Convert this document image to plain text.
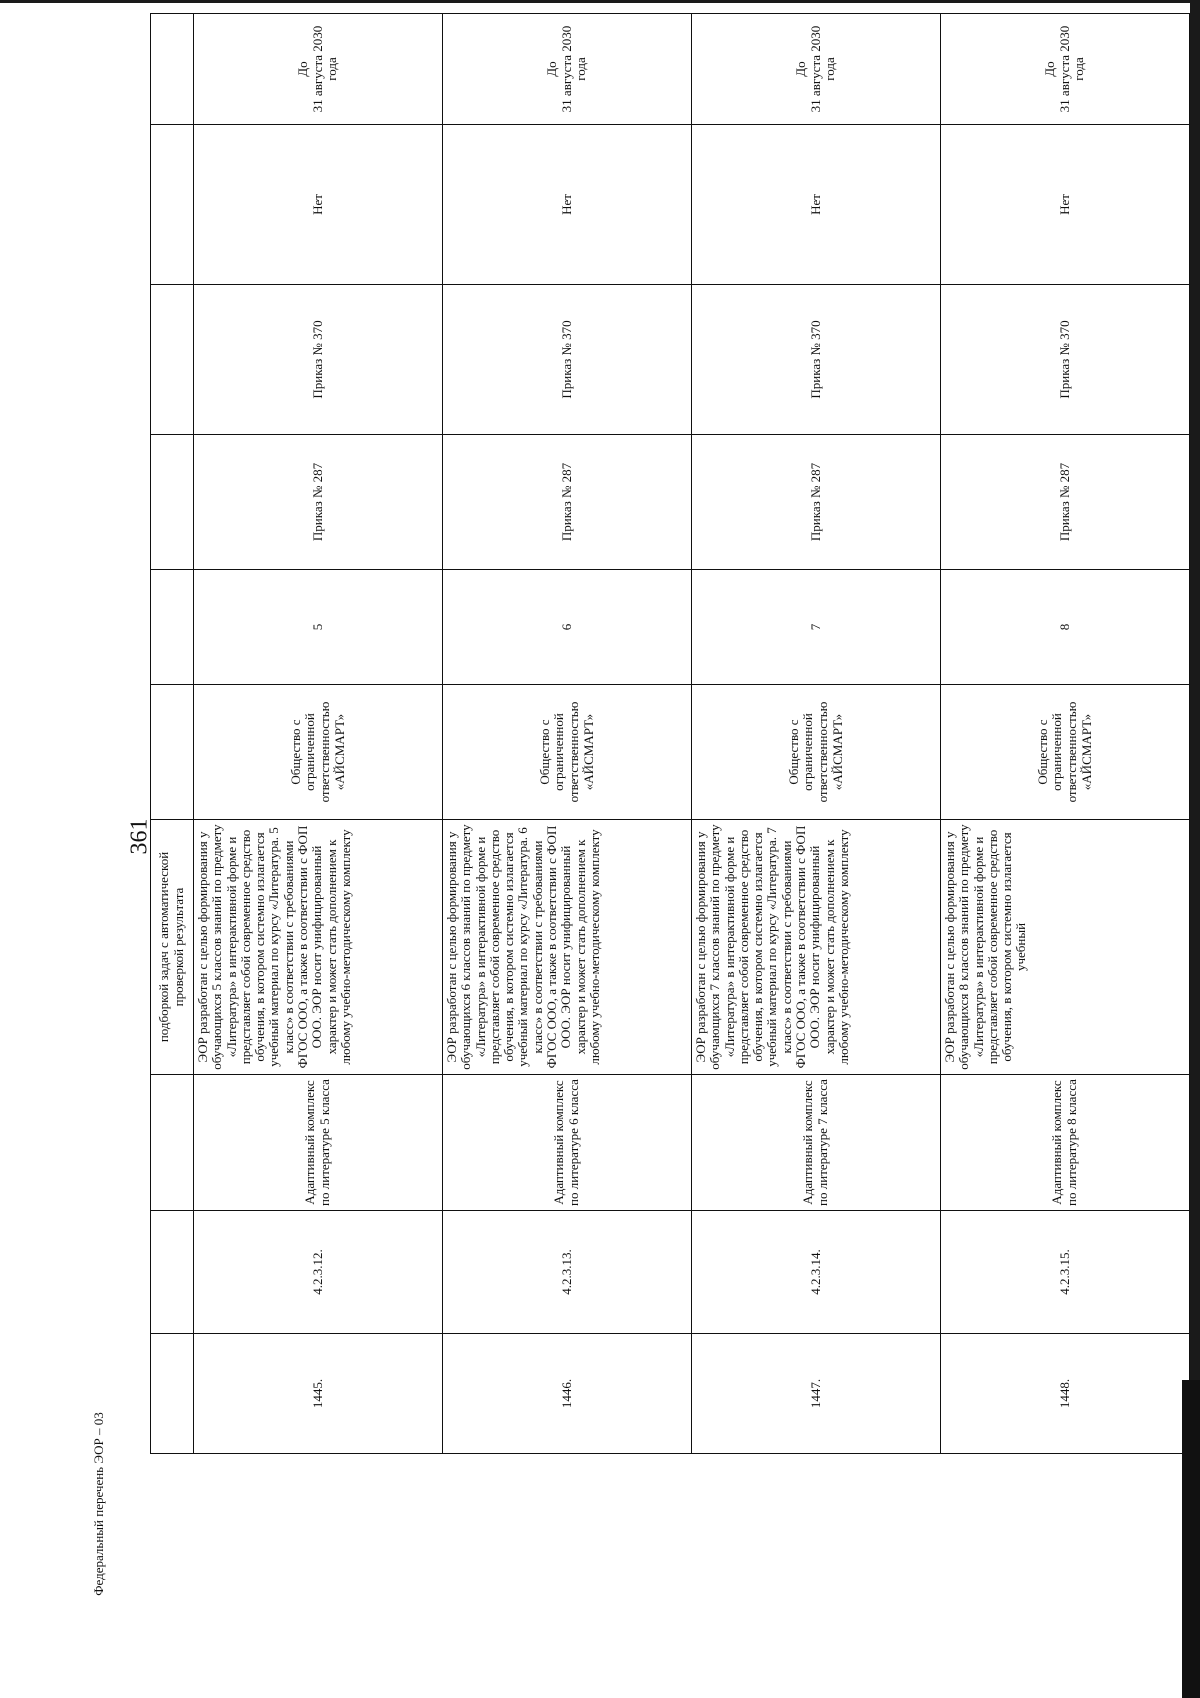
361
Федеральный перечень ЭОР – 03
			подборкой задач с автоматической проверкой результата						
1445.	4.2.3.12.	Адаптивный комплекс по литературе 5 класса	ЭОР разработан с целью формирования у обучающихся 5 классов знаний по предмету «Литература» в интерактивной форме и представляет собой современное средство обучения, в котором системно излагается учебный материал по курсу «Литература. 5 класс» в соответствии с требованиями ФГОС ООО, а также в соответствии с ФОП ООО. ЭОР носит унифицированный характер и может стать дополнением к любому учебно-методическому комплекту	Общество с ограниченной ответственностью «АЙСМАРТ»	5	Приказ № 287	Приказ № 370	Нет	До
31 августа 2030 года
1446.	4.2.3.13.	Адаптивный комплекс по литературе 6 класса	ЭОР разработан с целью формирования у обучающихся 6 классов знаний по предмету «Литература» в интерактивной форме и представляет собой современное средство обучения, в котором системно излагается учебный материал по курсу «Литература. 6 класс» в соответствии с требованиями ФГОС ООО, а также в соответствии с ФОП ООО. ЭОР носит унифицированный характер и может стать дополнением к любому учебно-методическому комплекту	Общество с ограниченной ответственностью «АЙСМАРТ»	6	Приказ № 287	Приказ № 370	Нет	До
31 августа 2030 года
1447.	4.2.3.14.	Адаптивный комплекс по литературе 7 класса	ЭОР разработан с целью формирования у обучающихся 7 классов знаний по предмету «Литература» в интерактивной форме и представляет собой современное средство обучения, в котором системно излагается учебный материал по курсу «Литература. 7 класс» в соответствии с требованиями ФГОС ООО, а также в соответствии с ФОП ООО. ЭОР носит унифицированный характер и может стать дополнением к любому учебно-методическому комплекту	Общество с ограниченной ответственностью «АЙСМАРТ»	7	Приказ № 287	Приказ № 370	Нет	До
31 августа 2030 года
1448.	4.2.3.15.	Адаптивный комплекс по литературе 8 класса	ЭОР разработан с целью формирования у обучающихся 8 классов знаний по предмету «Литература» в интерактивной форме и представляет собой современное средство обучения, в котором системно излагается учебный	Общество с ограниченной ответственностью «АЙСМАРТ»	8	Приказ № 287	Приказ № 370	Нет	До
31 августа 2030 года
